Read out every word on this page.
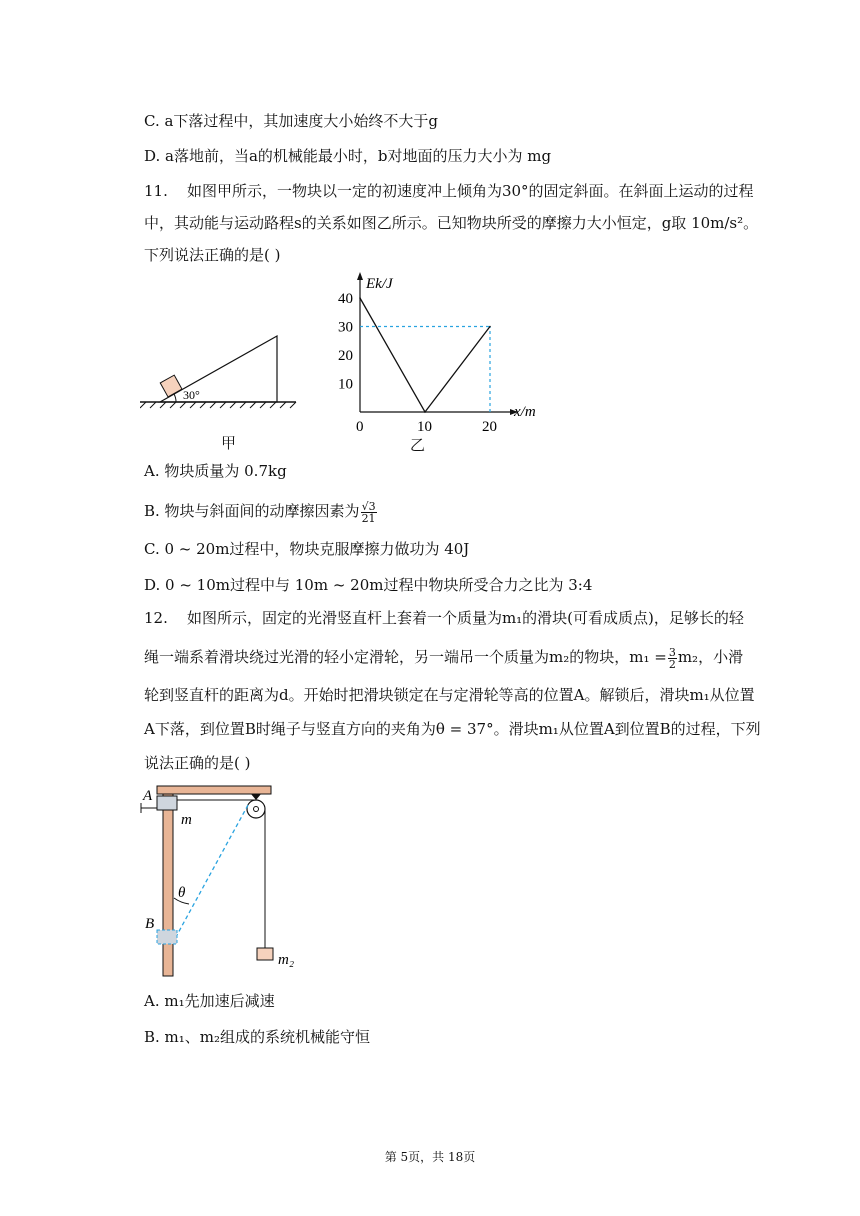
C. a下落过程中，其加速度大小始终不大于g
D. a落地前，当a的机械能最小时，b对地面的压力大小为 mg
11. 如图甲所示，一物块以一定的初速度冲上倾角为30°的固定斜面。在斜面上运动的过程
中，其动能与运动路程s的关系如图乙所示。已知物块所受的摩擦力大小恒定，g取 10m/s²。
下列说法正确的是( )
30°
甲
x/m
Ek/J
10
20
30
40
0	10	20
乙
A. 物块质量为 0.7kg
B. 物块与斜面间的动摩擦因素为 $\frac{√3}{21}$
C. 0 ~ 20m过程中，物块克服摩擦力做功为 40J
D. 0 ~ 10m过程中与 10m ~ 20m过程中物块所受合力之比为 3:4
12. 如图所示，固定的光滑竖直杆上套着一个质量为m₁的滑块(可看成质点)，足够长的轻
绳一端系着滑块绕过光滑的轻小定滑轮，另一端吊一个质量为m₂的物块，$m_1 = \frac{3}{2} m_2$，小滑
轮到竖直杆的距离为d。开始时把滑块锁定在与定滑轮等高的位置A。解锁后，滑块m₁从位置
A下落，到位置B时绳子与竖直方向的夹角为θ = 37°。滑块m₁从位置A到位置B的过程，下列
说法正确的是( )
A
m
θ
B
m₂
A. m₁先加速后减速
B. m₁、m₂组成的系统机械能守恒
第 5页，共 18页
